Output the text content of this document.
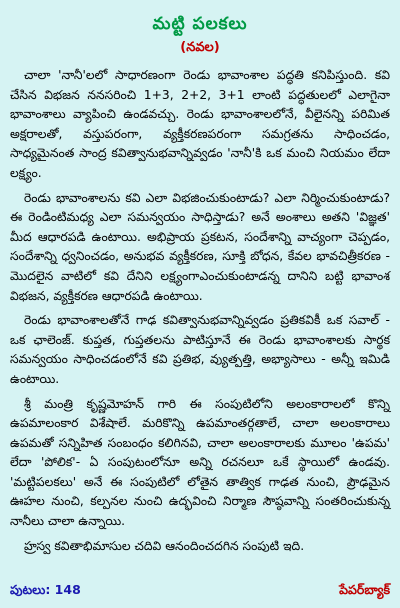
మట్టి పలకలు
(నవల)

చాలా 'నానీ'లలో సాధారణంగా రెండు భావాంశాల పద్ధతి కనిపిస్తుంది. కవి చేసిన విభజన ననసరించి 1+3, 2+2, 3+1 లాంటి పద్ధతులలో ఎలాగైనా భావాంశాలు వ్యాపించి ఉండవచ్చు. రెండు భావాంశాలలోనే, వీలైనన్ని పరిమిత అక్షరాలతో, వస్తుపరంగా, వ్యక్తీకరణపరంగా సమగ్రతను సాధించడం, సాధ్యమైనంత సాంద్ర కవిత్వానుభవాన్నివ్వడం 'నానీ'కి ఒక మంచి నియమం లేదా లక్ష్యం.

రెండు భావాంశాలను కవి ఎలా విభజించుకుంటాడు? ఎలా నిర్మించుకుంటాడు? ఈ రెండింటిమధ్య ఎలా సమన్వయం సాధిస్తాడు? అనే అంశాలు అతని 'విజ్ఞత' మీద ఆధారపడి ఉంటాయి. అభిప్రాయ ప్రకటన, సందేశాన్ని వాచ్యంగా చెప్పడం, సందేశాన్ని ధ్వనించడం, అనుభవ వ్యక్తీకరణ, సూక్తి బోధన, కేవల భావచిత్రీకరణ - మొదలైన వాటిలో కవి దేనిని లక్ష్యంగాఎంచుకుంటాడన్న దానిని బట్టి భావాంశ విభజన, వ్యక్తీకరణ ఆధారపడి ఉంటాయి.

రెండు భావాంశాలతోనే గాఢ కవిత్వానుభవాన్నివ్వడం ప్రతికవికీ ఒక సవాల్ - ఒక ఛాలెంజ్. కుప్తత, గుప్తతలను పాటిస్తూనే ఈ రెండు భావాంశాలకు సార్థక సమన్వయం సాధించడంలోనే కవి ప్రతిభ, వ్యుత్పత్తి, అభ్యాసాలు - అన్నీ ఇమిడి ఉంటాయి.

శ్రీ మంత్రి కృష్ణమోహన్ గారి ఈ సంపుటిలోని అలంకారాలలో కొన్ని ఉపమాలంకార విశేషాలే. మరికొన్ని ఉపమాంతర్గతాలే, చాలా అలంకారాలు ఉపమతో సన్నిహిత సంబంధం కలిగినవి, చాలా అలంకారాలకు మూలం 'ఉపమ' లేదా 'పోలిక'- ఏ సంపుటంలోనూ అన్ని రచనలూ ఒకే స్థాయిలో ఉండవు. 'మట్టిపలకలు' అనే ఈ సంపుటిలో లోతైన తాత్విక గాఢత నుంచి, ప్రౌఢమైన ఊహల నుంచి, కల్పనల నుంచి ఉద్భవించి నిర్మాణ సౌష్ఠవాన్ని సంతరించుకున్న నానీలు చాలా ఉన్నాయి.

హ్రస్వ కవితాభిమాసుల చదివి ఆనందించదగిన సంపుటి ఇది.

పుటలు: 148	పేపర్‌బ్యాక్
